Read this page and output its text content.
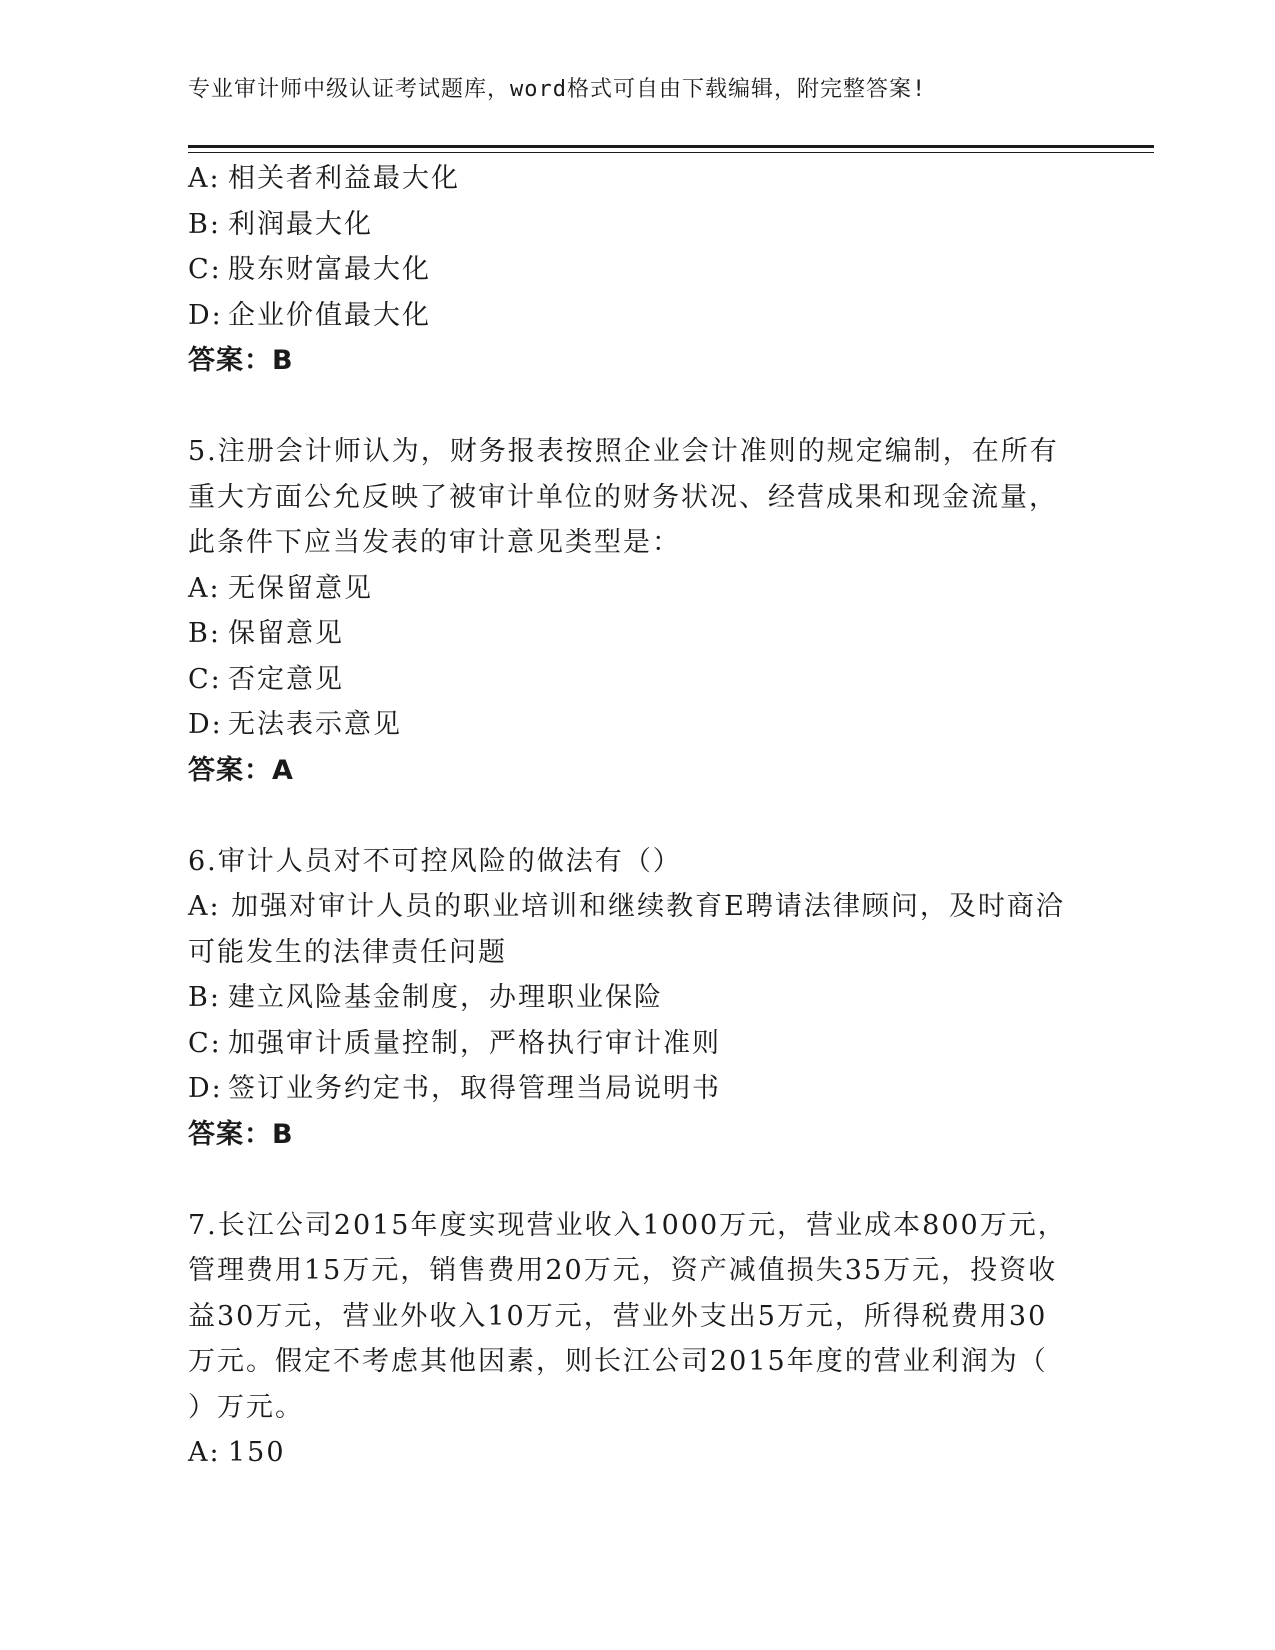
专业审计师中级认证考试题库，word格式可自由下载编辑，附完整答案!
A: 相关者利益最大化
B: 利润最大化
C: 股东财富最大化
D: 企业价值最大化
答案：B
5.注册会计师认为，财务报表按照企业会计准则的规定编制，在所有
重大方面公允反映了被审计单位的财务状况、经营成果和现金流量，
此条件下应当发表的审计意见类型是：
A: 无保留意见
B: 保留意见
C: 否定意见
D: 无法表示意见
答案：A
6.审计人员对不可控风险的做法有（）
A: 加强对审计人员的职业培训和继续教育E聘请法律顾问，及时商洽
可能发生的法律责任问题
B: 建立风险基金制度，办理职业保险
C: 加强审计质量控制，严格执行审计准则
D: 签订业务约定书，取得管理当局说明书
答案：B
7.长江公司2015年度实现营业收入1000万元，营业成本800万元，
管理费用15万元，销售费用20万元，资产减值损失35万元，投资收
益30万元，营业外收入10万元，营业外支出5万元，所得税费用30
万元。假定不考虑其他因素，则长江公司2015年度的营业利润为（
）万元。
A: 150
